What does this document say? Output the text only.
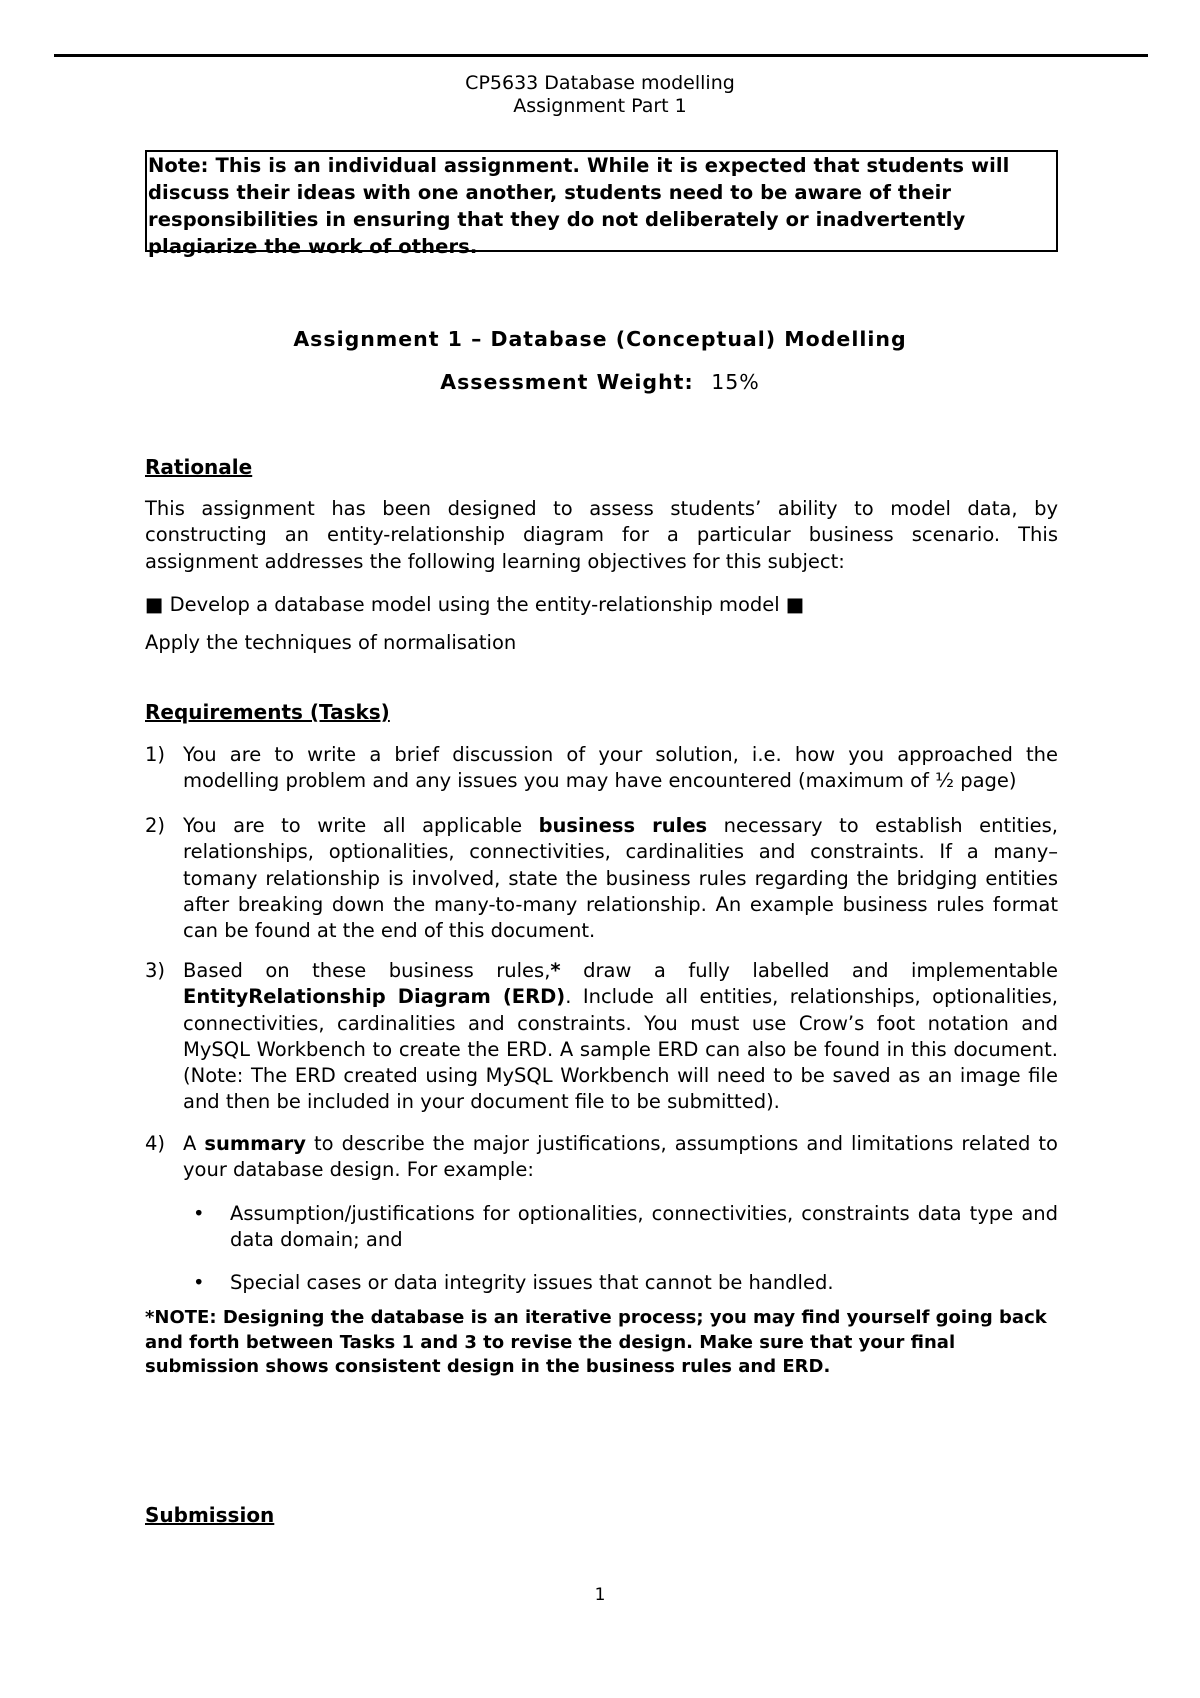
CP5633 Database modelling
Assignment Part 1
Note: This is an individual assignment. While it is expected that students will discuss their ideas with one another, students need to be aware of their responsibilities in ensuring that they do not deliberately or inadvertently plagiarize the work of others.
Assignment 1 – Database (Conceptual) Modelling
Assessment Weight: 15%
Rationale
This assignment has been designed to assess students’ ability to model data, by constructing an entity-relationship diagram for a particular business scenario. This assignment addresses the following learning objectives for this subject:
■ Develop a database model using the entity-relationship model ■
Apply the techniques of normalisation
Requirements (Tasks)
1) You are to write a brief discussion of your solution, i.e. how you approached the modelling problem and any issues you may have encountered (maximum of ½ page)
2) You are to write all applicable business rules necessary to establish entities, relationships, optionalities, connectivities, cardinalities and constraints. If a many–tomany relationship is involved, state the business rules regarding the bridging entities after breaking down the many-to-many relationship. An example business rules format can be found at the end of this document.
3) Based on these business rules,* draw a fully labelled and implementable EntityRelationship Diagram (ERD). Include all entities, relationships, optionalities, connectivities, cardinalities and constraints. You must use Crow’s foot notation and MySQL Workbench to create the ERD. A sample ERD can also be found in this document. (Note: The ERD created using MySQL Workbench will need to be saved as an image file and then be included in your document file to be submitted).
4) A summary to describe the major justifications, assumptions and limitations related to your database design. For example:
• Assumption/justifications for optionalities, connectivities, constraints data type and data domain; and
• Special cases or data integrity issues that cannot be handled.
*NOTE: Designing the database is an iterative process; you may find yourself going back and forth between Tasks 1 and 3 to revise the design. Make sure that your final submission shows consistent design in the business rules and ERD.
Submission
1
